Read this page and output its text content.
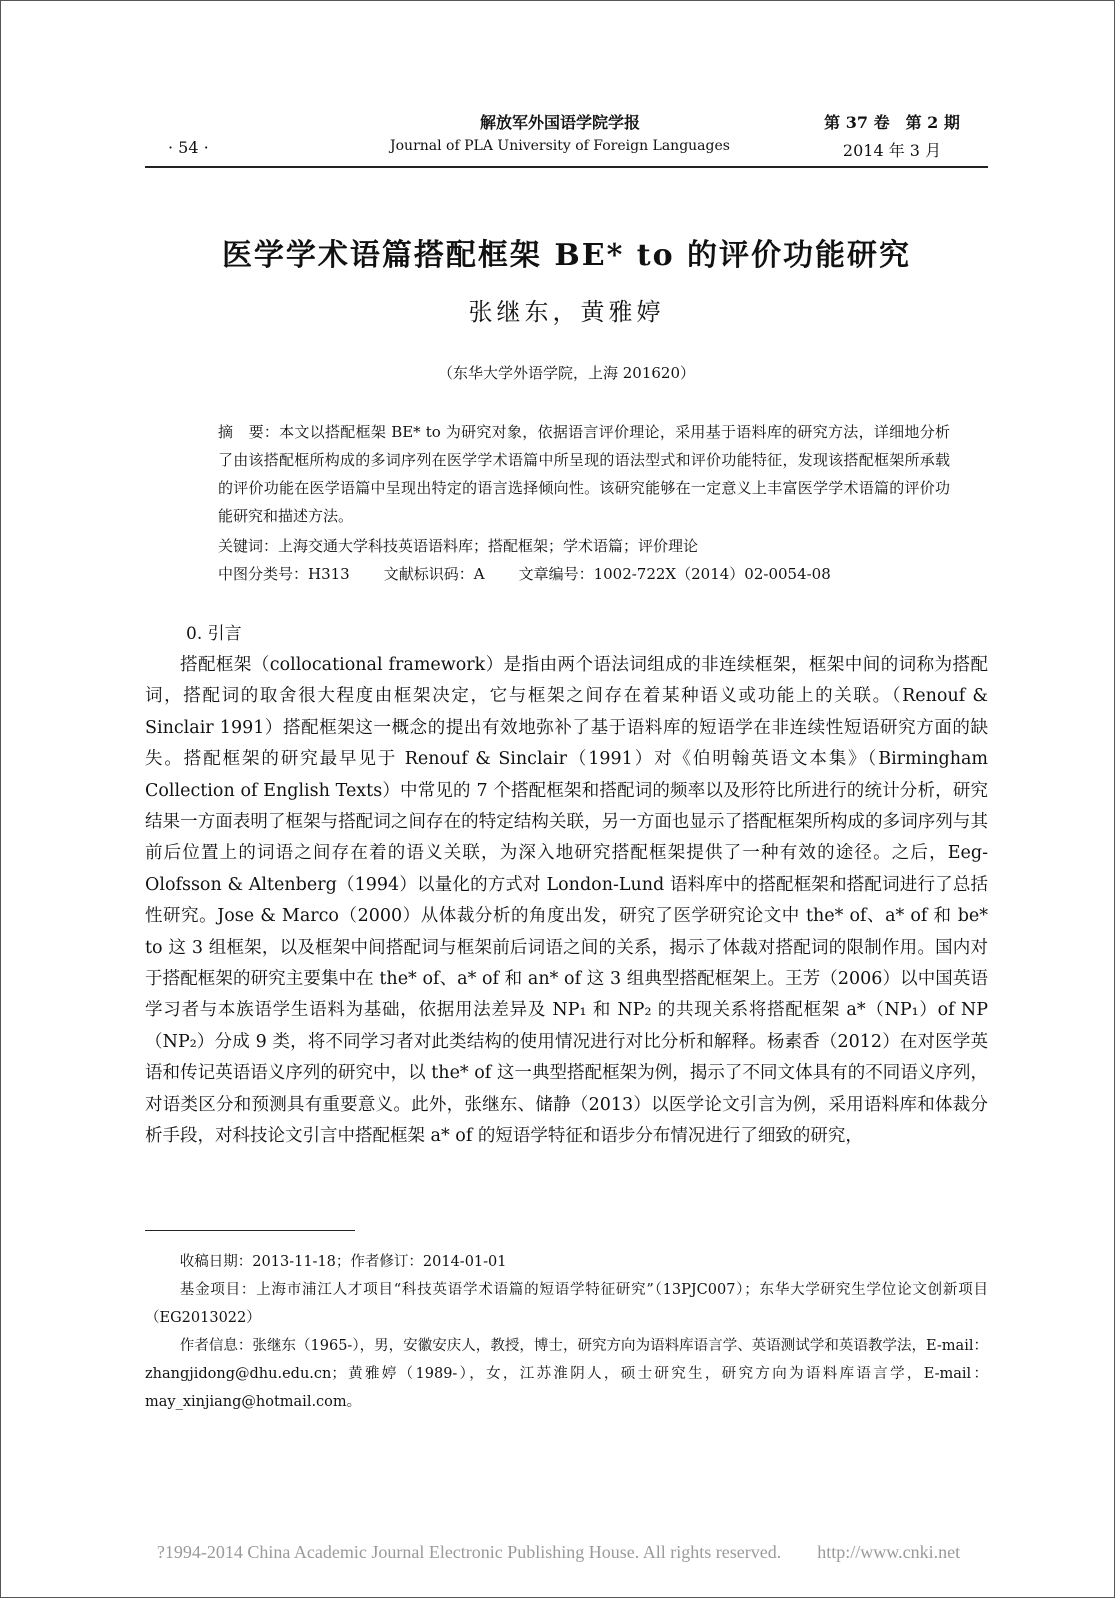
· 54 ·
解放军外国语学院学报
Journal of PLA University of Foreign Languages
第 37 卷　第 2 期
2014 年 3 月
医学学术语篇搭配框架 BE* to 的评价功能研究
张继东，黄雅婷
（东华大学外语学院，上海 201620）

摘　要：本文以搭配框架 BE* to 为研究对象，依据语言评价理论，采用基于语料库的研究方法，详细地分析了由该搭配框所构成的多词序列在医学学术语篇中所呈现的语法型式和评价功能特征，发现该搭配框架所承载的评价功能在医学语篇中呈现出特定的语言选择倾向性。该研究能够在一定意义上丰富医学学术语篇的评价功能研究和描述方法。

关键词：上海交通大学科技英语语料库；搭配框架；学术语篇；评价理论

中图分类号：H313 文献标识码：A 文章编号：1002-722X（2014）02-0054-08

0. 引言

搭配框架（collocational framework）是指由两个语法词组成的非连续框架，框架中间的词称为搭配词，搭配词的取舍很大程度由框架决定，它与框架之间存在着某种语义或功能上的关联。（Renouf & Sinclair 1991）搭配框架这一概念的提出有效地弥补了基于语料库的短语学在非连续性短语研究方面的缺失。搭配框架的研究最早见于 Renouf & Sinclair（1991）对《伯明翰英语文本集》（Birmingham Collection of English Texts）中常见的 7 个搭配框架和搭配词的频率以及形符比所进行的统计分析，研究结果一方面表明了框架与搭配词之间存在的特定结构关联，另一方面也显示了搭配框架所构成的多词序列与其前后位置上的词语之间存在着的语义关联，为深入地研究搭配框架提供了一种有效的途径。之后，Eeg-Olofsson & Altenberg（1994）以量化的方式对 London-Lund 语料库中的搭配框架和搭配词进行了总括性研究。Jose & Marco（2000）从体裁分析的角度出发，研究了医学研究论文中 the* of、a* of 和 be* to 这 3 组框架，以及框架中间搭配词与框架前后词语之间的关系，揭示了体裁对搭配词的限制作用。国内对于搭配框架的研究主要集中在 the* of、a* of 和 an* of 这 3 组典型搭配框架上。王芳（2006）以中国英语学习者与本族语学生语料为基础，依据用法差异及 NP₁ 和 NP₂ 的共现关系将搭配框架 a*（NP₁）of NP（NP₂）分成 9 类，将不同学习者对此类结构的使用情况进行对比分析和解释。杨素香（2012）在对医学英语和传记英语语义序列的研究中，以 the* of 这一典型搭配框架为例，揭示了不同文体具有的不同语义序列，对语类区分和预测具有重要意义。此外，张继东、储静（2013）以医学论文引言为例，采用语料库和体裁分析手段，对科技论文引言中搭配框架 a* of 的短语学特征和语步分布情况进行了细致的研究，

收稿日期：2013-11-18；作者修订：2014-01-01

基金项目：上海市浦江人才项目“科技英语学术语篇的短语学特征研究”（13PJC007）；东华大学研究生学位论文创新项目（EG2013022）

作者信息：张继东（1965-），男，安徽安庆人，教授，博士，研究方向为语料库语言学、英语测试学和英语教学法，E-mail：zhangjidong@dhu.edu.cn；黄雅婷（1989-），女，江苏淮阴人，硕士研究生，研究方向为语料库语言学，E-mail：may_xinjiang@hotmail.com。

?1994-2014 China Academic Journal Electronic Publishing House. All rights reserved.　　http://www.cnki.net
